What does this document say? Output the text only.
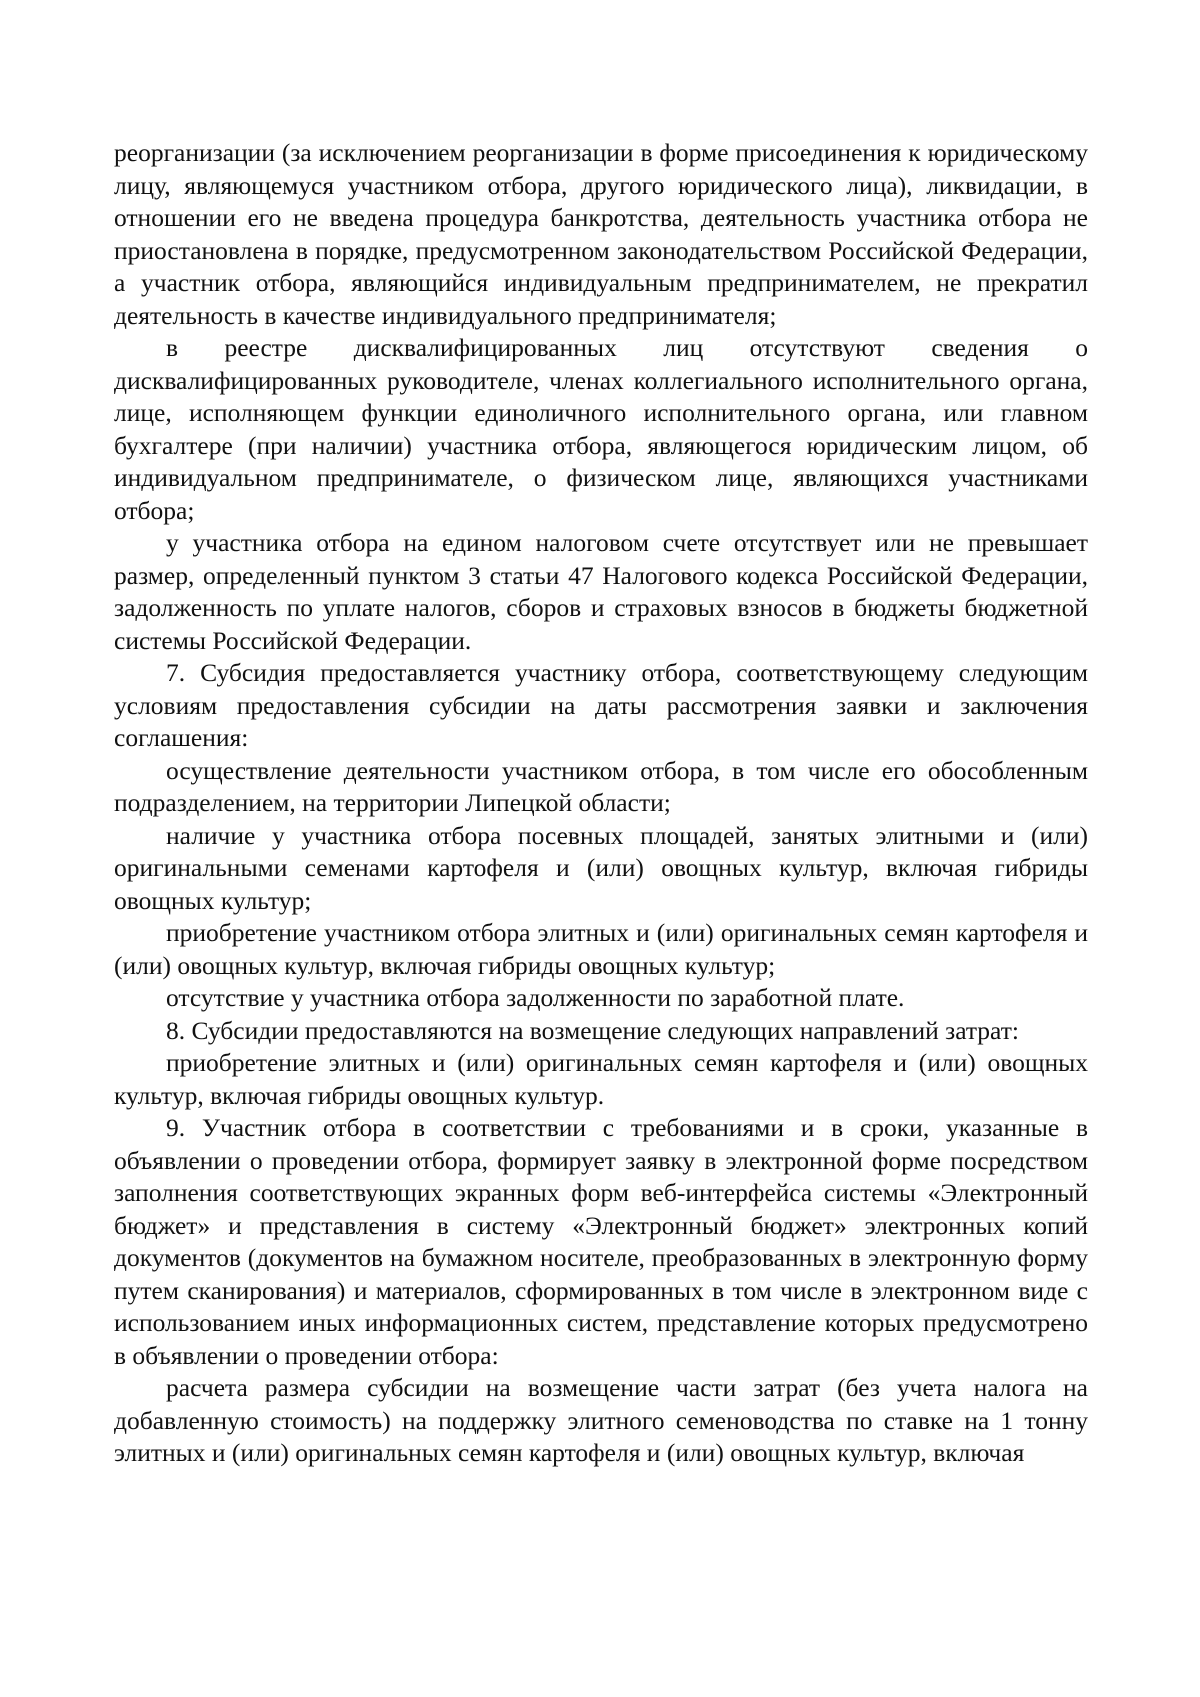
реорганизации (за исключением реорганизации в форме присоединения к юридическому лицу, являющемуся участником отбора, другого юридического лица), ликвидации, в отношении его не введена процедура банкротства, деятельность участника отбора не приостановлена в порядке, предусмотренном законодательством Российской Федерации, а участник отбора, являющийся индивидуальным предпринимателем, не прекратил деятельность в качестве индивидуального предпринимателя;

в реестре дисквалифицированных лиц отсутствуют сведения о дисквалифицированных руководителе, членах коллегиального исполнительного органа, лице, исполняющем функции единоличного исполнительного органа, или главном бухгалтере (при наличии) участника отбора, являющегося юридическим лицом, об индивидуальном предпринимателе, о физическом лице, являющихся участниками отбора;

у участника отбора на едином налоговом счете отсутствует или не превышает размер, определенный пунктом 3 статьи 47 Налогового кодекса Российской Федерации, задолженность по уплате налогов, сборов и страховых взносов в бюджеты бюджетной системы Российской Федерации.

7. Субсидия предоставляется участнику отбора, соответствующему следующим условиям предоставления субсидии на даты рассмотрения заявки и заключения соглашения:

осуществление деятельности участником отбора, в том числе его обособленным подразделением, на территории Липецкой области;

наличие у участника отбора посевных площадей, занятых элитными и (или) оригинальными семенами картофеля и (или) овощных культур, включая гибриды овощных культур;

приобретение участником отбора элитных и (или) оригинальных семян картофеля и (или) овощных культур, включая гибриды овощных культур;

отсутствие у участника отбора задолженности по заработной плате.

8. Субсидии предоставляются на возмещение следующих направлений затрат:

приобретение элитных и (или) оригинальных семян картофеля и (или) овощных культур, включая гибриды овощных культур.

9. Участник отбора в соответствии с требованиями и в сроки, указанные в объявлении о проведении отбора, формирует заявку в электронной форме посредством заполнения соответствующих экранных форм веб-интерфейса системы «Электронный бюджет» и представления в систему «Электронный бюджет» электронных копий документов (документов на бумажном носителе, преобразованных в электронную форму путем сканирования) и материалов, сформированных в том числе в электронном виде с использованием иных информационных систем, представление которых предусмотрено в объявлении о проведении отбора:

расчета размера субсидии на возмещение части затрат (без учета налога на добавленную стоимость) на поддержку элитного семеноводства по ставке на 1 тонну элитных и (или) оригинальных семян картофеля и (или) овощных культур, включая
